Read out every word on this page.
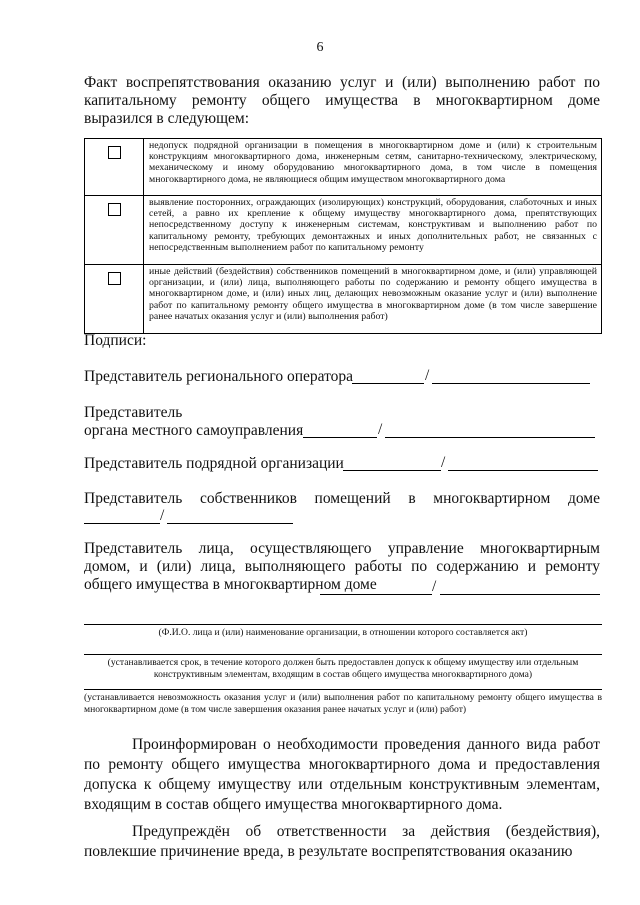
6
Факт воспрепятствования оказанию услуг и (или) выполнению работ по капитальному ремонту общего имущества в многоквартирном доме выразился в следующем:
	недопуск подрядной организации в помещения в многоквартирном доме и (или) к строительным конструкциям многоквартирного дома, инженерным сетям, санитарно-техническому, электрическому, механическому и иному оборудованию многоквартирного дома, в том числе в помещения многоквартирного дома, не являющиеся общим имуществом многоквартирного дома
	выявление посторонних, ограждающих (изолирующих) конструкций, оборудования, слаботочных и иных сетей, а равно их крепление к общему имуществу многоквартирного дома, препятствующих непосредственному доступу к инженерным системам, конструктивам и выполнению работ по капитальному ремонту, требующих демонтажных и иных дополнительных работ, не связанных с непосредственным выполнением работ по капитальному ремонту
	иные действий (бездействия) собственников помещений в многоквартирном доме, и (или) управляющей организации, и (или) лица, выполняющего работы по содержанию и ремонту общего имущества в многоквартирном доме, и (или) иных лиц, делающих невозможным оказание услуг и (или) выполнение работ по капитальному ремонту общего имущества в многоквартирном доме (в том числе завершение ранее начатых оказания услуг и (или) выполнения работ)
Подписи:
Представитель регионального оператора	/
Представитель
органа местного самоуправления	/
Представитель подрядной организации	/
Представитель собственников помещений в многоквартирном доме
/
Представитель лица, осуществляющего управление многоквартирным домом, и (или) лица, выполняющего работы по содержанию и ремонту общего имущества в многоквартирном доме	/
(Ф.И.О. лица и (или) наименование организации, в отношении которого составляется акт)
(устанавливается срок, в течение которого должен быть предоставлен допуск к общему имуществу или отдельным конструктивным элементам, входящим в состав общего имущества многоквартирного дома)
(устанавливается невозможность оказания услуг и (или) выполнения работ по капитальному ремонту общего имущества в многоквартирном доме (в том числе завершения оказания ранее начатых услуг и (или) работ)
Проинформирован о необходимости проведения данного вида работ по ремонту общего имущества многоквартирного дома и предоставления допуска к общему имуществу или отдельным конструктивным элементам, входящим в состав общего имущества многоквартирного дома.
Предупреждён об ответственности за действия (бездействия), повлекшие причинение вреда, в результате воспрепятствования оказанию
